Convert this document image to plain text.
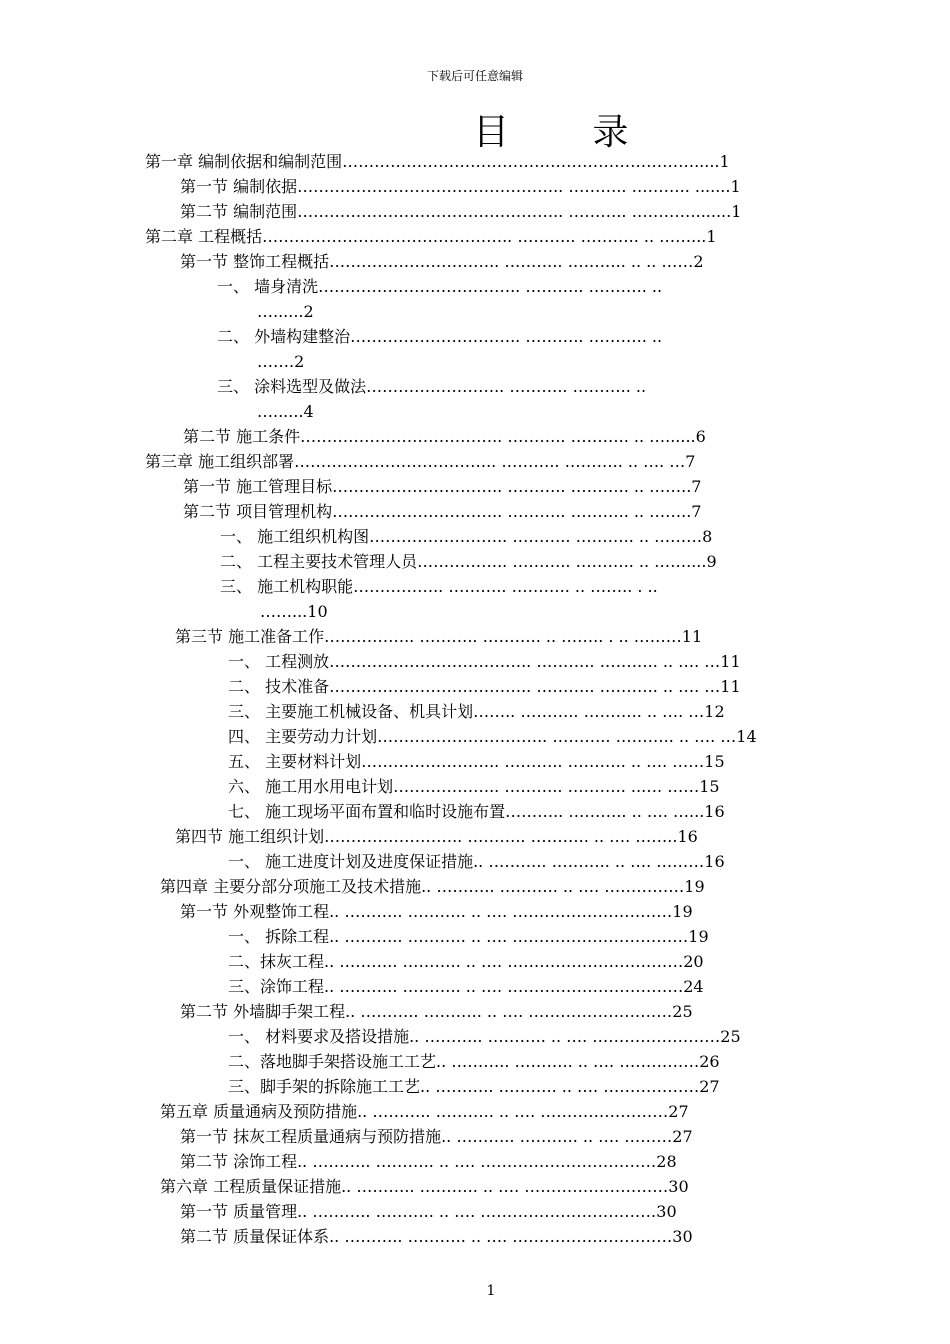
下载后可任意编辑
目 录
第一章 编制依据和编制范围………………………………………………………….....1
第一节 编制依据………………………………………….. ……….. ……….. .......1
第二节 编制范围………………………………………….. ……….. ………….......1
第二章 工程概括……………………………………….. ……….. ……….. .. ……...1
第一节 整饰工程概括………………………….. ……….. ……….. .. .. ……2
一、 墙身清洗……………………………….. ……….. ……….. ..
…......2
二、 外墙构建整治………………………….. ……….. ……….. ..
…….2
三、 涂料选型及做法…………………….. ……….. ……….. ..
…......4
第二节 施工条件……………………………….. ……….. ……….. .. …......6
第三章 施工组织部署……………………………….. ……….. ……….. .. …. …7
第一节 施工管理目标………………………….. ……….. ……….. .. ……..7
第二节 项目管理机构………………………….. ……….. ……….. .. ……..7
一、 施工组织机构图…………………….. ……….. ……….. .. ………8
二、 工程主要技术管理人员…………….. ……….. ……….. .. ……....9
三、 施工机构职能…………….. ……….. ……….. .. …….. . ..
……...10
第三节 施工准备工作…………….. ……….. ……….. .. …….. . .. ………11
一、 工程测放……………………………….. ……….. ……….. .. …. …11
二、 技术准备……………………………….. ……….. ……….. .. …. …11
三、 主要施工机械设备、机具计划…….. ……….. ……….. .. …. …12
四、 主要劳动力计划………………………….. ……….. ……….. .. …. …14
五、 主要材料计划…………………….. ……….. ……….. .. …. ……15
六、 施工用水用电计划……………….. ……….. ……….. ..…. ……15
七、 施工现场平面布置和临时设施布置……….. ……….. .. …. …...16
第四节 施工组织计划…………………….. ……….. ……….. .. …. ……..16
一、 施工进度计划及进度保证措施.. ……….. ……….. .. …. ………16
第四章 主要分部分项施工及技术措施.. ……….. ……….. .. …. ……………19
第一节 外观整饰工程.. ……….. ……….. .. …. …………………………19
一、 拆除工程.. ……….. ……….. .. …. ……………………………19
二、抹灰工程.. ……….. ……….. .. …. ……………………………20
三、涂饰工程.. ……….. ……….. .. …. ……………………………24
第二节 外墙脚手架工程.. ……….. ……….. .. …. ………………………25
一、 材料要求及搭设措施.. ……….. ……….. .. …. ……………………25
二、落地脚手架搭设施工工艺.. ……….. ……….. .. …. ……………26
三、脚手架的拆除施工工艺.. ……….. ……….. .. …. ………………27
第五章 质量通病及预防措施.. ……….. ……….. .. …. ……………………27
第一节 抹灰工程质量通病与预防措施.. ……….. ……….. .. …. ………27
第二节 涂饰工程.. ……….. ……….. .. …. ……………………………28
第六章 工程质量保证措施.. ……….. ……….. .. …. ………………………30
第一节 质量管理.. ……….. ……….. .. …. ……………………………30
第二节 质量保证体系.. ……….. ……….. .. …. …………………………30
1
